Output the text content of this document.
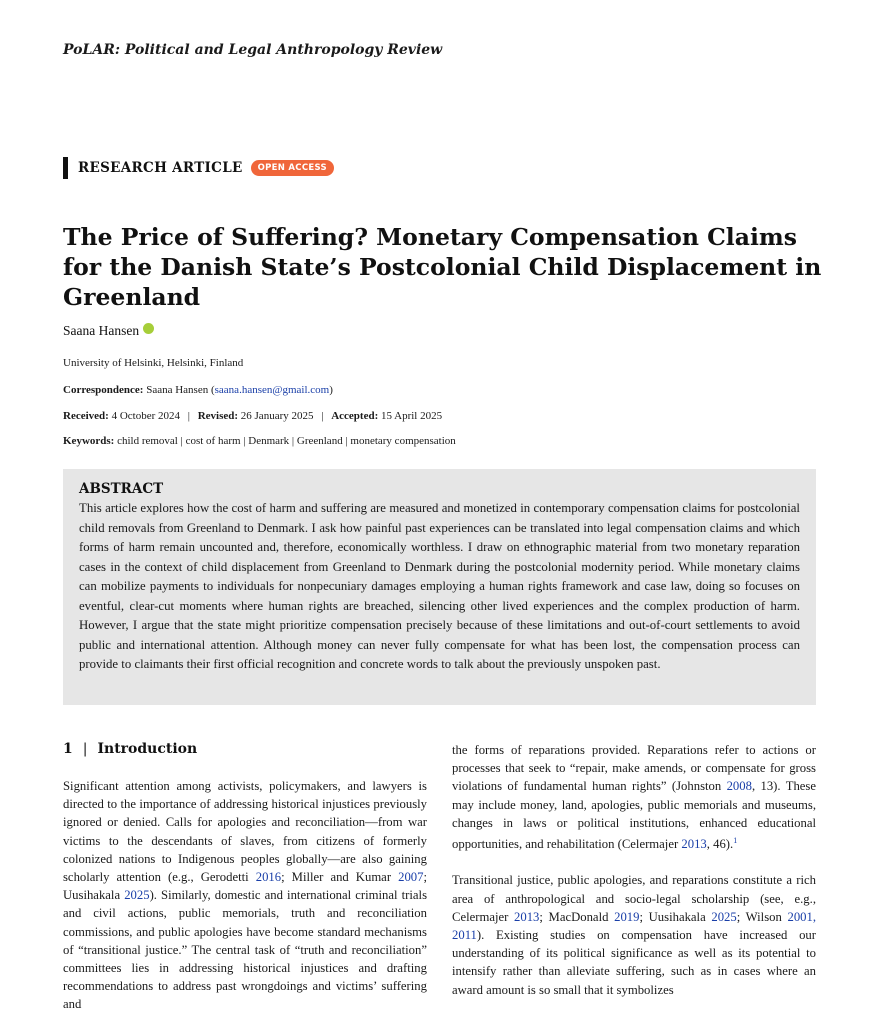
PoLAR: Political and Legal Anthropology Review
RESEARCH ARTICLE	OPEN ACCESS
The Price of Suffering? Monetary Compensation Claims for the Danish State’s Postcolonial Child Displacement in Greenland
Saana Hansen
University of Helsinki, Helsinki, Finland
Correspondence: Saana Hansen (saana.hansen@gmail.com)
Received: 4 October 2024 | Revised: 26 January 2025 | Accepted: 15 April 2025
Keywords: child removal | cost of harm | Denmark | Greenland | monetary compensation
ABSTRACT
This article explores how the cost of harm and suffering are measured and monetized in contemporary compensation claims for postcolonial child removals from Greenland to Denmark. I ask how painful past experiences can be translated into legal compensation claims and which forms of harm remain uncounted and, therefore, economically worthless. I draw on ethnographic material from two monetary reparation cases in the context of child displacement from Greenland to Denmark during the postcolonial modernity period. While monetary claims can mobilize payments to individuals for nonpecuniary damages employing a human rights framework and case law, doing so focuses on eventful, clear-cut moments where human rights are breached, silencing other lived experiences and the complex production of harm. However, I argue that the state might prioritize compensation precisely because of these limitations and out-of-court settlements to avoid public and international attention. Although money can never fully compensate for what has been lost, the compensation process can provide to claimants their first official recognition and concrete words to talk about the previously unspoken past.
1 | Introduction

Significant attention among activists, policymakers, and lawyers is directed to the importance of addressing historical injustices previously ignored or denied. Calls for apologies and reconciliation—from war victims to the descendants of slaves, from citizens of formerly colonized nations to Indigenous peoples globally—are also gaining scholarly attention (e.g., Gerodetti 2016; Miller and Kumar 2007; Uusihakala 2025). Similarly, domestic and international criminal trials and civil actions, public memorials, truth and reconciliation commissions, and public apologies have become standard mechanisms of “transitional justice.” The central task of “truth and reconciliation” committees lies in addressing historical injustices and drafting recommendations to address past wrongdoings and victims’ suffering and

the forms of reparations provided. Reparations refer to actions or processes that seek to “repair, make amends, or compensate for gross violations of fundamental human rights” (Johnston 2008, 13). These may include money, land, apologies, public memorials and museums, changes in laws or political institutions, enhanced educational opportunities, and rehabilitation (Celermajer 2013, 46).$^1$

Transitional justice, public apologies, and reparations constitute a rich area of anthropological and socio-legal scholarship (see, e.g., Celermajer 2013; MacDonald 2019; Uusihakala 2025; Wilson 2001, 2011). Existing studies on compensation have increased our understanding of its political significance as well as its potential to intensify rather than alleviate suffering, such as in cases where an award amount is so small that it symbolizes
